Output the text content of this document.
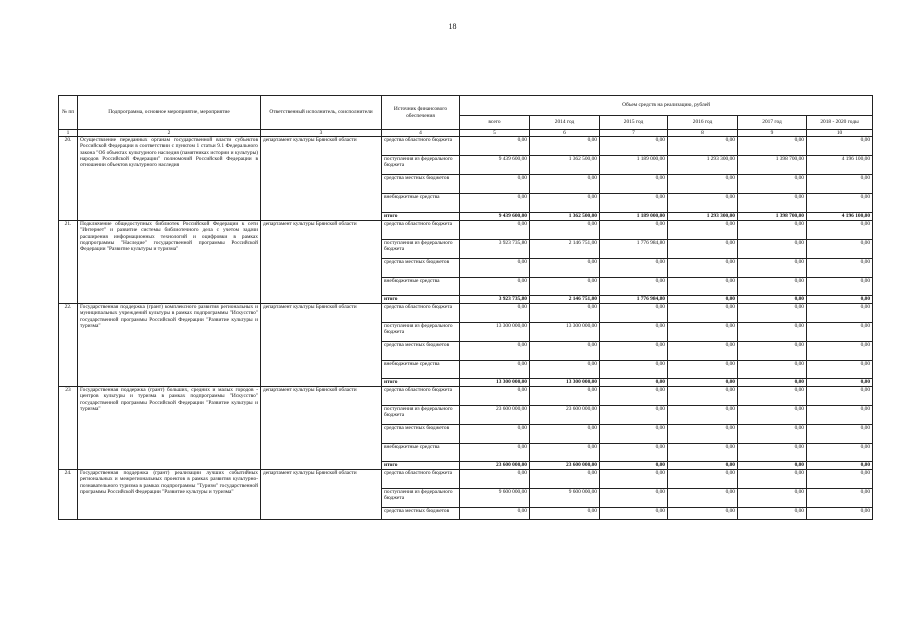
18
№ пп	Подпрограмма, основное мероприятие, мероприятие	Ответственный исполнитель, соисполнители	Источник финансового обеспечения	Объем средств на реализацию, рублей					
				всего	2014 год	2015 год	2016 год	2017 год	2018 - 2020 годы
1	2	3	4	5	6	7	8	9	10
20.	Осуществление переданных органам государственной власти субъектов Российской Федерации в соответствии с пунктом 1 статьи 9.1 Федерального закона "Об объектах культурного наследия (памятниках истории и культуры) народов Российской Федерации" полномочий Российской Федерации в отношении объектов культурного наследия	департамент культуры Брянской области	средства областного бюджета	0,00	0,00	0,00	0,00	0,00	0,00
			поступления из федерального бюджета	9 439 600,00	1 362 500,00	1 189 000,00	1 293 300,00	1 398 700,00	4 196 100,00
			средства местных бюджетов	0,00	0,00	0,00	0,00	0,00	0,00
			внебюджетные средства	0,00	0,00	0,00	0,00	0,00	0,00
			итого	9 439 600,00	1 362 500,00	1 189 000,00	1 293 300,00	1 398 700,00	4 196 100,00
21.	Подключение общедоступных библиотек Российской Федерации к сети "Интернет" и развитие системы библиотечного дела с учетом задачи расширения информационных технологий и оцифровки в рамках подпрограммы "Наследие" государственной программы Российской Федерации "Развитие культуры и туризма"	департамент культуры Брянской области	средства областного бюджета	0,00	0,00	0,00	0,00	0,00	0,00
			поступления из федерального бюджета	3 923 735,80	2 146 751,00	1 776 984,80	0,00	0,00	0,00
			средства местных бюджетов	0,00	0,00	0,00	0,00	0,00	0,00
			внебюджетные средства	0,00	0,00	0,00	0,00	0,00	0,00
			итого	3 923 735,80	2 146 751,00	1 776 984,80	0,00	0,00	0,00
22.	Государственная поддержка (грант) комплексного развития региональных и муниципальных учреждений культуры в рамках подпрограммы "Искусство" государственной программы Российской Федерации "Развитие культуры и туризма"	департамент культуры Брянской области	средства областного бюджета	0,00	0,00	0,00	0,00	0,00	0,00
			поступления из федерального бюджета	13 300 000,00	13 300 000,00	0,00	0,00	0,00	0,00
			средства местных бюджетов	0,00	0,00	0,00	0,00	0,00	0,00
			внебюджетные средства	0,00	0,00	0,00	0,00	0,00	0,00
			итого	13 300 000,00	13 300 000,00	0,00	0,00	0,00	0,00
23	Государственная поддержка (грант) больших, средних и малых городов - центров культуры и туризма в рамках подпрограммы "Искусство" государственной программы Российской Федерации "Развитие культуры и туризма"	департамент культуры Брянской области	средства областного бюджета	0,00	0,00	0,00	0,00	0,00	0,00
			поступления из федерального бюджета	23 600 000,00	23 600 000,00	0,00	0,00	0,00	0,00
			средства местных бюджетов	0,00	0,00	0,00	0,00	0,00	0,00
			внебюджетные средства	0,00	0,00	0,00	0,00	0,00	0,00
			итого	23 600 000,00	23 600 000,00	0,00	0,00	0,00	0,00
24.	Государственная поддержка (грант) реализации лучших событийных региональных и межрегиональных проектов в рамках развития культурно-познавательного туризма в рамках подпрограммы "Туризм" государственной программы Российской Федерации "Развитие культуры и туризма"	департамент культуры Брянской области	средства областного бюджета	0,00	0,00	0,00	0,00	0,00	0,00
			поступления из федерального бюджета	9 600 000,00	9 600 000,00	0,00	0,00	0,00	0,00
			средства местных бюджетов	0,00	0,00	0,00	0,00	0,00	0,00
